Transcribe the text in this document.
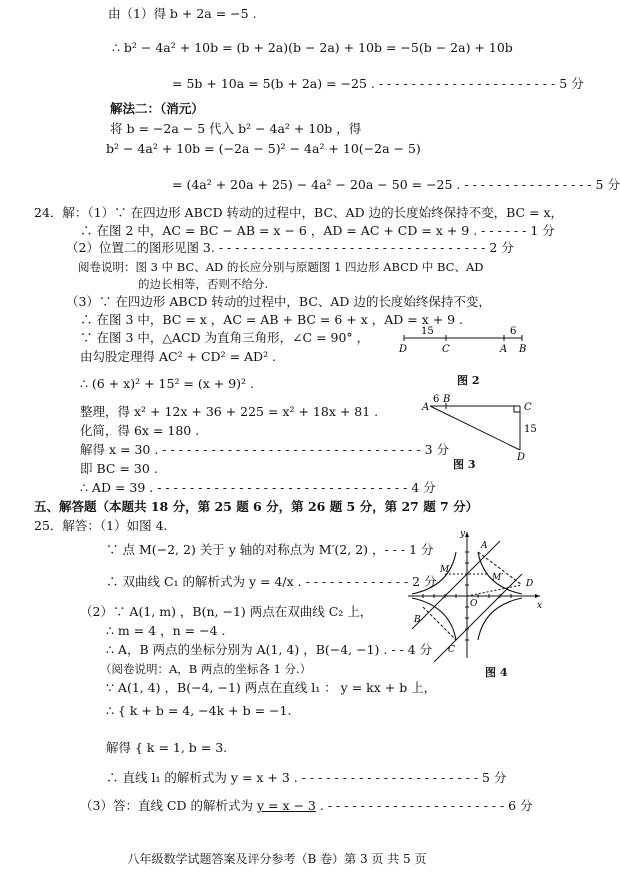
由（1）得 b + 2a = −5 .
∴ b² − 4a² + 10b = (b + 2a)(b − 2a) + 10b = −5(b − 2a) + 10b
= 5b + 10a = 5(b + 2a) = −25 . - - - - - - - - - - - - - - - - - - - - - - 5 分
解法二：（消元）
将 b = −2a − 5 代入 b² − 4a² + 10b ，得
b² − 4a² + 10b = (−2a − 5)² − 4a² + 10(−2a − 5)
= (4a² + 20a + 25) − 4a² − 20a − 50 = −25 . - - - - - - - - - - - - - - - - 5 分
24．解：（1）∵ 在四边形 ABCD 转动的过程中，BC、AD 边的长度始终保持不变，BC = x，
∴ 在图 2 中，AC = BC − AB = x − 6 ，AD = AC + CD = x + 9 . - - - - - - 1 分
（2）位置二的图形见图 3. - - - - - - - - - - - - - - - - - - - - - - - - - - - - - - - - - 2 分
阅卷说明：图 3 中 BC、AD 的长应分别与原题图 1 四边形 ABCD 中 BC、AD
的边长相等，否则不给分.
（3）∵ 在四边形 ABCD 转动的过程中，BC、AD 边的长度始终保持不变，
∴ 在图 3 中，BC = x ，AC = AB + BC = 6 + x ，AD = x + 9 .
∵ 在图 3 中，△ACD 为直角三角形，∠C = 90° ，
由勾股定理得 AC² + CD² = AD² .
∴ (6 + x)² + 15² = (x + 9)² .
整理，得 x² + 12x + 36 + 225 = x² + 18x + 81 .
化简，得 6x = 180 .
解得 x = 30 . - - - - - - - - - - - - - - - - - - - - - - - - - - - - - - - - 3 分
即 BC = 30 .
∴ AD = 39 . - - - - - - - - - - - - - - - - - - - - - - - - - - - - - - - 4 分
五、解答题（本题共 18 分，第 25 题 6 分，第 26 题 5 分，第 27 题 7 分）
25．解答：（1）如图 4.
∵ 点 M(−2, 2) 关于 y 轴的对称点为 M′(2, 2) ，- - - 1 分
∴ 双曲线 C₁ 的解析式为 y = 4/x . - - - - - - - - - - - - - 2 分
（2）∵ A(1, m) ，B(n, −1) 两点在双曲线 C₂ 上，
∴ m = 4 ，n = −4 .
∴ A，B 两点的坐标分别为 A(1, 4) ，B(−4, −1) . - - 4 分
（阅卷说明：A，B 两点的坐标各 1 分.）
∵ A(1, 4) ，B(−4, −1) 两点在直线 l₁ ： y = kx + b 上，
∴ { k + b = 4, −4k + b = −1.
解得 { k = 1, b = 3.
∴ 直线 l₁ 的解析式为 y = x + 3 . - - - - - - - - - - - - - - - - - - - - - - 5 分
（3）答：直线 CD 的解析式为 y = x − 3 . - - - - - - - - - - - - - - - - - - - - - - 6 分
15	6
D	C	A B
图 2
A
6 B
C
15
D
图 3
y
x
O
A
B
C
D
M
M′
图 4
八年级数学试题答案及评分参考（B 卷）第 3 页 共 5 页
